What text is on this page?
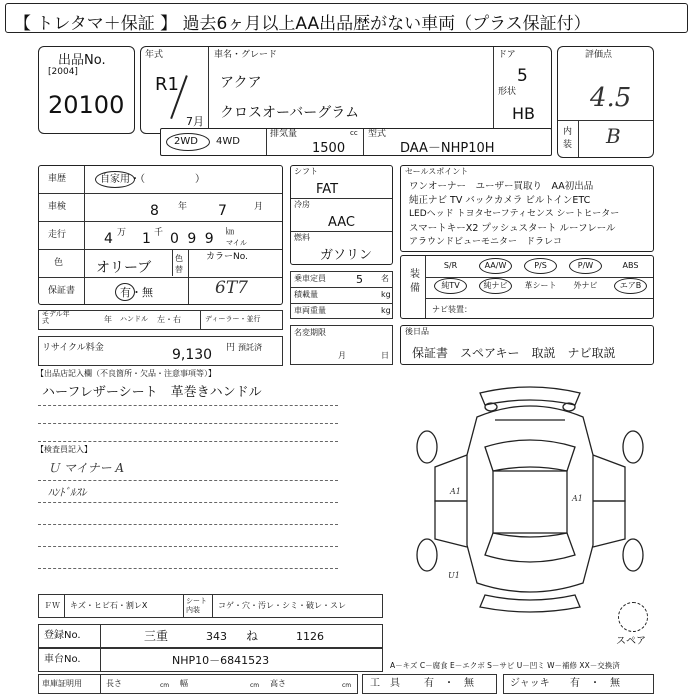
【 トレタマ＋保証 】 過去6ヶ月以上AA出品歴がない車両（プラス保証付）
出品No.
[2004]
20100
年式
R1
7月
車名・グレード
アクア
クロスオーバーグラム
ドア
5
形状
HB
評価点
4.5
内装 B
2WD 4WD
排気量	cc
1500
型式
DAA－NHP10H
車歴	自家用・（　　　　　）
車検	8 年 7	月
走行	4 万 1 千 0 9 9 ㎞
マイル
色 オリーブ
色替
カラーNo.
保証書	有・無	6T7
モデル年式	年 ハンドル 左・右	ディーラー・並行
リサイクル料金	9,130 円 預託済
シフト
FAT
冷房
AAC
燃料
ガソリン
乗車定員	5 名
積載量	kg
車両重量	kg
名変期限
月	日
セールスポイント
ワンオーナー　ユーザー買取り　AA初出品
純正ナビ TV バックカメラ ビルトインETC
LEDヘッド トヨタセーフティセンス シートヒーター
スマートキーX2 プッシュスタート ルーフレール
アラウンドビューモニター　ドラレコ
装備
ナビ装置：
後日品
保証書　スペアキー　取説　ナビ取説
【出品店記入欄（不良箇所・欠品・注意事項等）】
ハーフレザーシート　革巻きハンドル
【検査員記入】
Ｕ マイナー A
ﾊﾝﾄﾞﾙｽﾚ	A1
U1
A1
スペア
ＦＷ キズ・ヒビ石・割レX	シート内装	コゲ・穴・汚レ・シミ・破レ・スレ
登録No.	三重	343 ね	1126
車台No.	NHP10－6841523	A－キズ C－腐食 E－エクボ S－サビ U－凹ミ W－補修 XX－交換済
車庫証明用	長さ	cm 幅	cm 高さ	cm 工　具 有　・　無	ジャッキ 有　・　無
S/R	AA/W	P/S	P/W	ABS
純TV	純ナビ	革シート	外ナビ	エアB
